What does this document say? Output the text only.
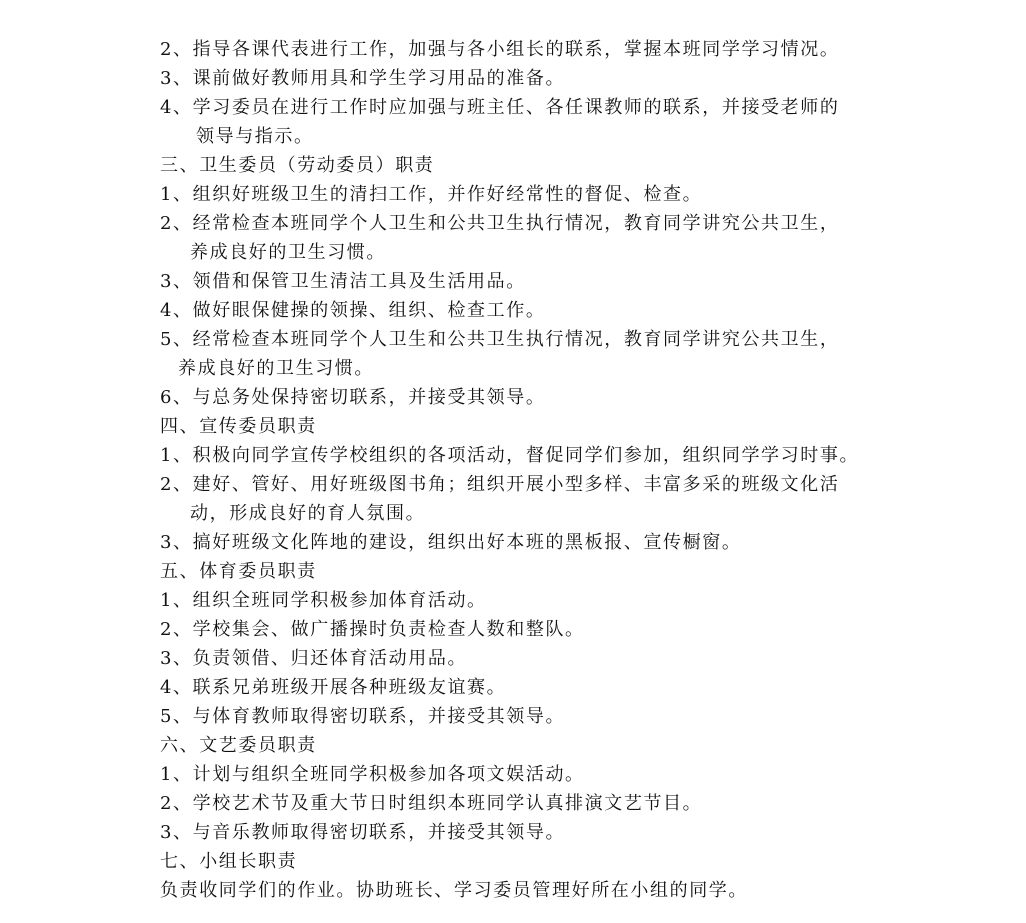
2、指导各课代表进行工作，加强与各小组长的联系，掌握本班同学学习情况。
3、课前做好教师用具和学生学习用品的准备。
4、学习委员在进行工作时应加强与班主任、各任课教师的联系，并接受老师的
领导与指示。
三、卫生委员（劳动委员）职责
1、组织好班级卫生的清扫工作，并作好经常性的督促、检查。
2、经常检查本班同学个人卫生和公共卫生执行情况，教育同学讲究公共卫生，
养成良好的卫生习惯。
3、领借和保管卫生清洁工具及生活用品。
4、做好眼保健操的领操、组织、检查工作。
5、经常检查本班同学个人卫生和公共卫生执行情况，教育同学讲究公共卫生，
养成良好的卫生习惯。
6、与总务处保持密切联系，并接受其领导。
四、宣传委员职责
1、积极向同学宣传学校组织的各项活动，督促同学们参加，组织同学学习时事。
2、建好、管好、用好班级图书角；组织开展小型多样、丰富多采的班级文化活
动，形成良好的育人氛围。
3、搞好班级文化阵地的建设，组织出好本班的黑板报、宣传橱窗。
五、体育委员职责
1、组织全班同学积极参加体育活动。
2、学校集会、做广播操时负责检查人数和整队。
3、负责领借、归还体育活动用品。
4、联系兄弟班级开展各种班级友谊赛。
5、与体育教师取得密切联系，并接受其领导。
六、文艺委员职责
1、计划与组织全班同学积极参加各项文娱活动。
2、学校艺术节及重大节日时组织本班同学认真排演文艺节目。
3、与音乐教师取得密切联系，并接受其领导。
七、小组长职责
负责收同学们的作业。协助班长、学习委员管理好所在小组的同学。
